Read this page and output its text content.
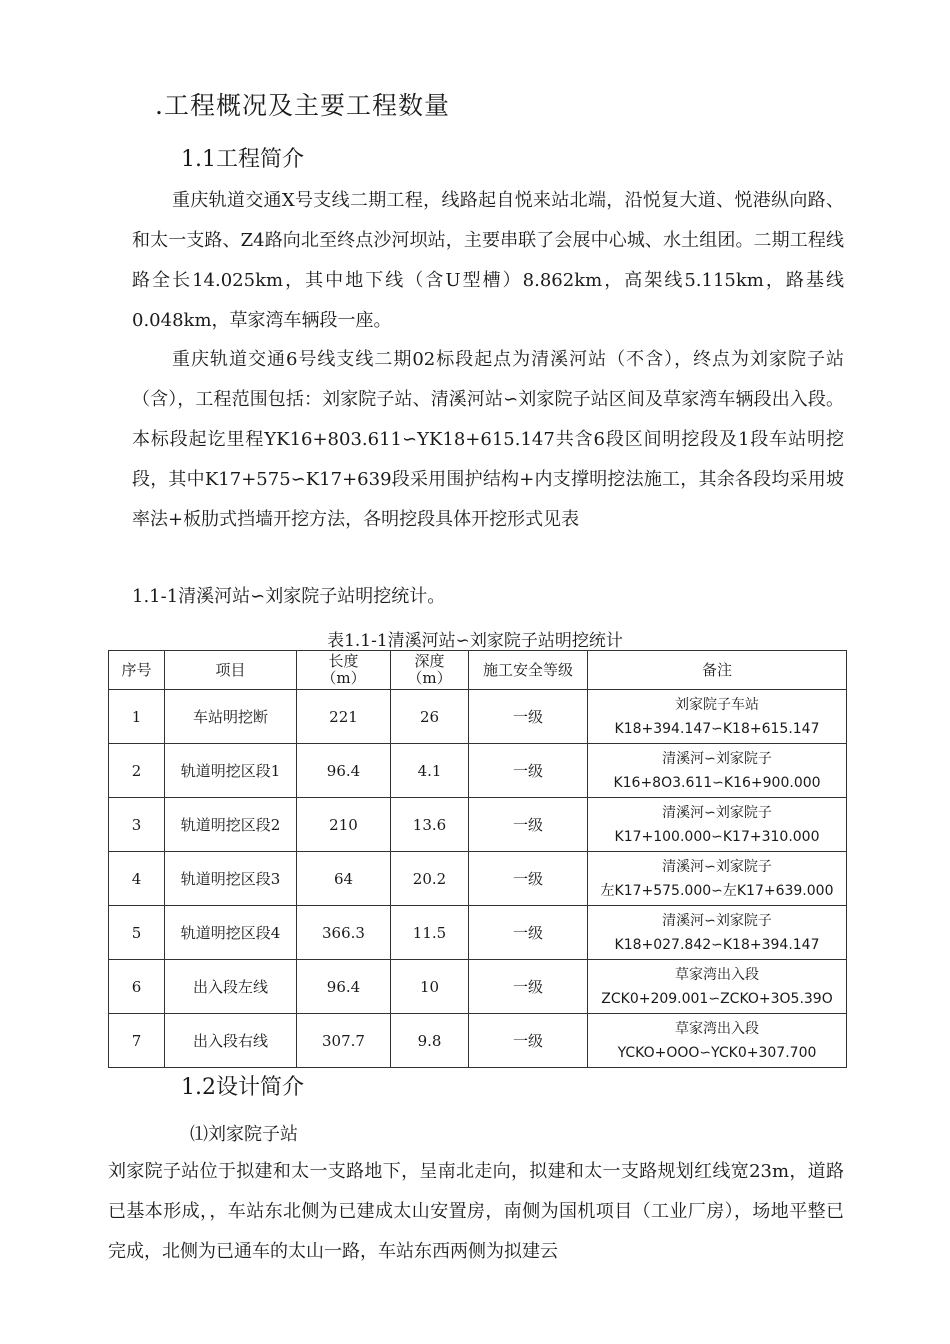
.工程概况及主要工程数量
1.1工程简介

重庆轨道交通X号支线二期工程，线路起自悦来站北端，沿悦复大道、悦港纵向路、和太一支路、Z4路向北至终点沙河坝站，主要串联了会展中心城、水土组团。二期工程线路全长14.025km，其中地下线（含U型槽）8.862km，高架线5.115km，路基线0.048km，草家湾车辆段一座。

重庆轨道交通6号线支线二期02标段起点为清溪河站（不含），终点为刘家院子站（含），工程范围包括：刘家院子站、清溪河站∽刘家院子站区间及草家湾车辆段出入段。本标段起讫里程YK16+803.611∽YK18+615.147共含6段区间明挖段及1段车站明挖段，其中K17+575∽K17+639段采用围护结构+内支撑明挖法施工，其余各段均采用坡率法+板肋式挡墙开挖方法，各明挖段具体开挖形式见表

1.1-1清溪河站∽刘家院子站明挖统计。
表1.1-1清溪河站∽刘家院子站明挖统计
序号	项目	长度
（m）	深度
（m）	施工安全等级	备注
1	车站明挖断	221	26	一级	刘家院子车站
K18+394.147∽K18+615.147
2	轨道明挖区段1	96.4	4.1	一级	清溪河∽刘家院子
K16+8O3.611∽K16+900.000
3	轨道明挖区段2	210	13.6	一级	清溪河∽刘家院子
K17+100.000∽K17+310.000
4	轨道明挖区段3	64	20.2	一级	清溪河∽刘家院子
左K17+575.000∽左K17+639.000
5	轨道明挖区段4	366.3	11.5	一级	清溪河∽刘家院子
K18+027.842∽K18+394.147
6	出入段左线	96.4	10	一级	草家湾出入段
ZCK0+209.001∽ZCKO+3O5.39O
7	出入段右线	307.7	9.8	一级	草家湾出入段
YCKO+OOO∽YCK0+307.700
1.2设计简介
⑴刘家院子站

刘家院子站位于拟建和太一支路地下，呈南北走向，拟建和太一支路规划红线宽23m，道路已基本形成，，车站东北侧为已建成太山安置房，南侧为国机项目（工业厂房），场地平整已完成，北侧为已通车的太山一路，车站东西两侧为拟建云
